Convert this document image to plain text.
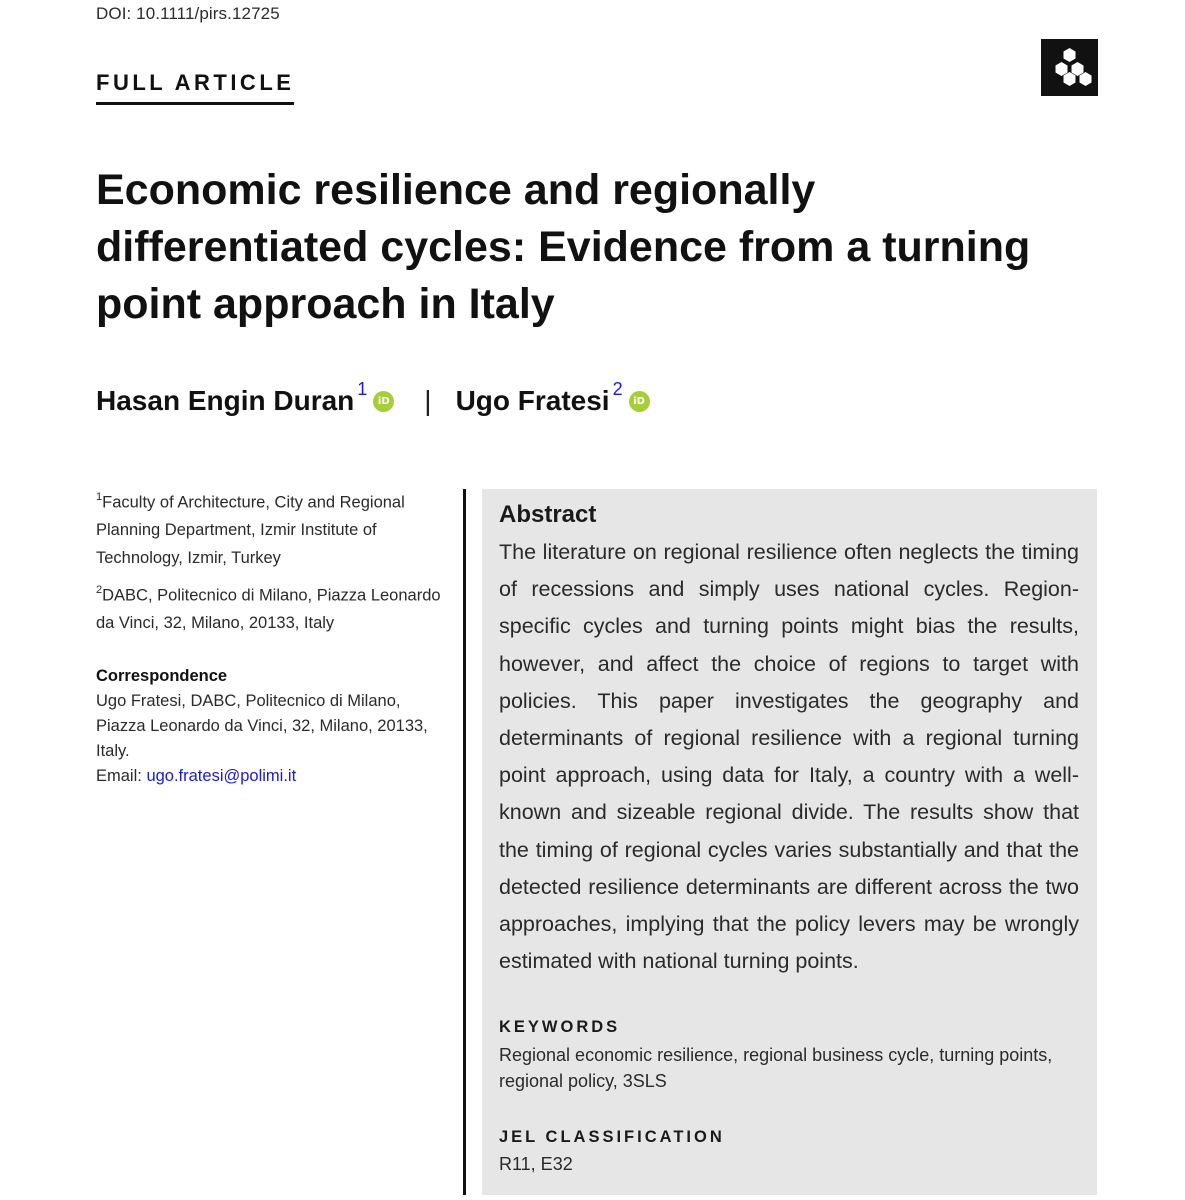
DOI: 10.1111/pirs.12725
FULL ARTICLE
Economic resilience and regionally differentiated cycles: Evidence from a turning point approach in Italy
Hasan Engin Duran 1
iD | Ugo Fratesi 2
iD

$^1$Faculty of Architecture, City and Regional Planning Department, Izmir Institute of Technology, Izmir, Turkey

$^2$DABC, Politecnico di Milano, Piazza Leonardo da Vinci, 32, Milano, 20133, Italy

Correspondence
Ugo Fratesi, DABC, Politecnico di Milano, Piazza Leonardo da Vinci, 32, Milano, 20133, Italy.
Email: ugo.fratesi@polimi.it
Abstract

The literature on regional resilience often neglects the timing of recessions and simply uses national cycles. Region-specific cycles and turning points might bias the results, however, and affect the choice of regions to target with policies. This paper investigates the geography and determinants of regional resilience with a regional turning point approach, using data for Italy, a country with a well-known and sizeable regional divide. The results show that the timing of regional cycles varies substantially and that the detected resilience determinants are different across the two approaches, implying that the policy levers may be wrongly estimated with national turning points.

KEYWORDS
Regional economic resilience, regional business cycle, turning points, regional policy, 3SLS
JEL CLASSIFICATION
R11, E32
